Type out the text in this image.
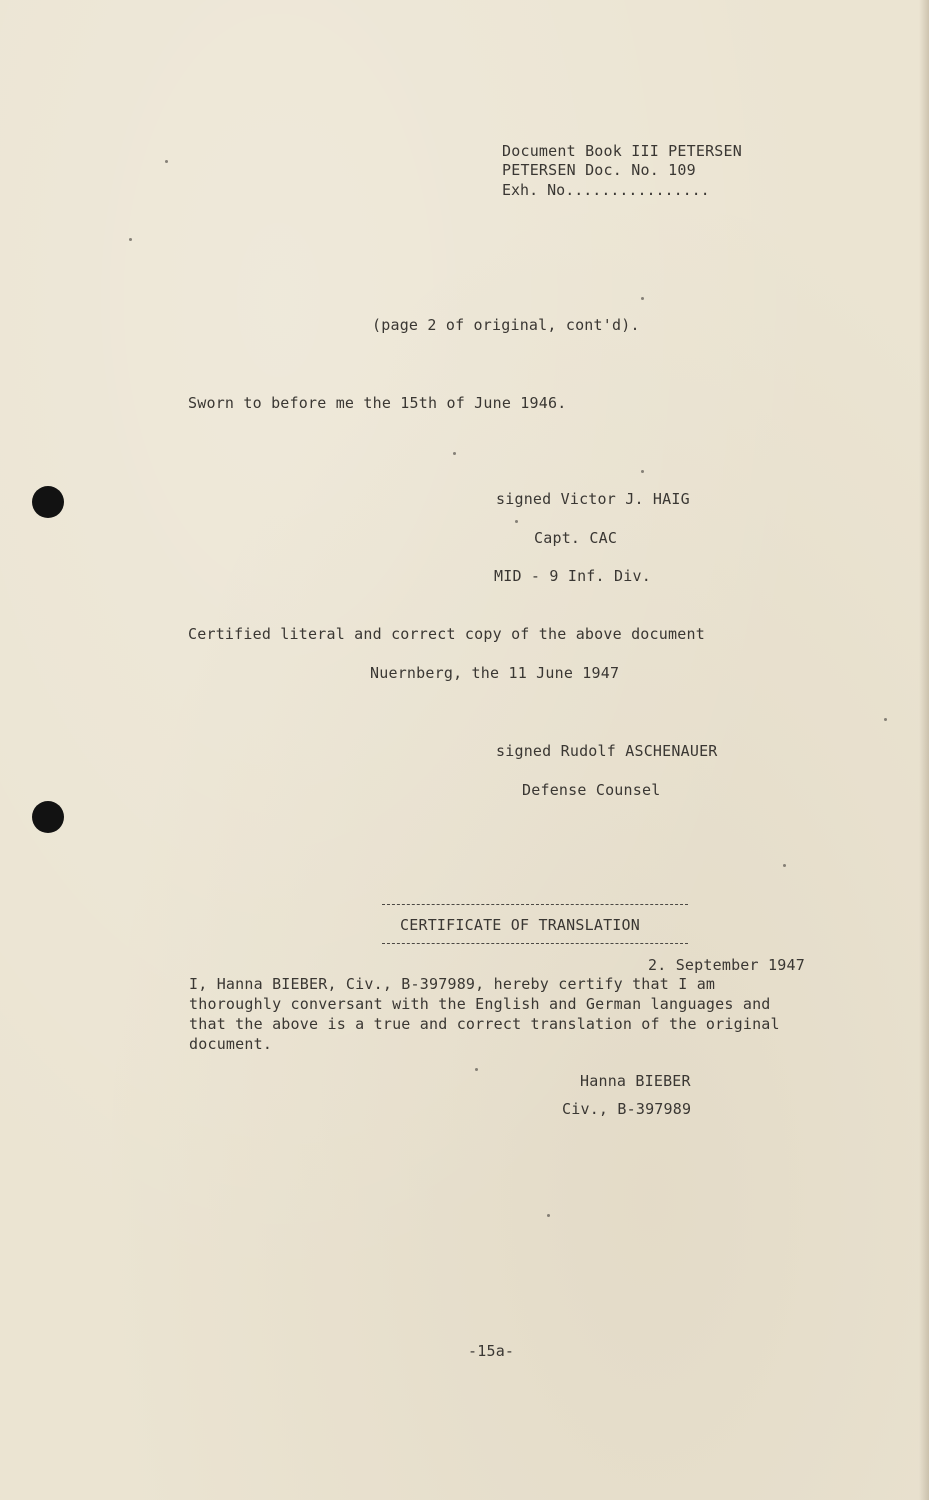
Document Book III PETERSEN
PETERSEN Doc. No. 109
Exh. No................
(page 2 of original, cont'd).
Sworn to before me the 15th of June 1946.
signed Victor J. HAIG
Capt. CAC
MID - 9 Inf. Div.
Certified literal and correct copy of the above document
Nuernberg, the 11 June 1947
signed Rudolf ASCHENAUER
Defense Counsel
CERTIFICATE OF TRANSLATION
2. September 1947
I, Hanna BIEBER, Civ., B-397989, hereby certify that I am
thoroughly conversant with the English and German languages and
that the above is a true and correct translation of the original
document.
Hanna BIEBER
Civ., B-397989
-15a-
